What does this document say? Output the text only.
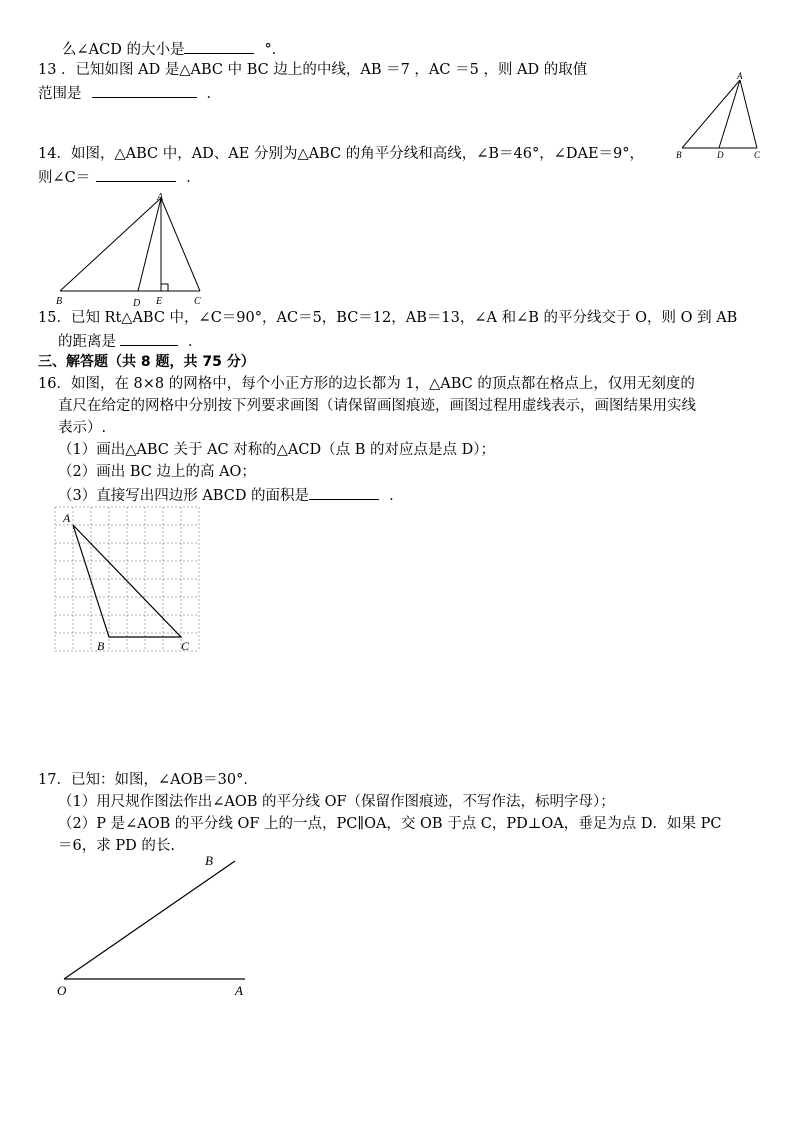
么∠ACD 的大小是	°．
13 ．已知如图 AD 是△ABC 中 BC 边上的中线，AB ＝7 ，AC ＝5 ，则 AD 的取值
范围是	．
A
B	D	C
14．如图，△ABC 中，AD、AE 分别为△ABC 的角平分线和高线，∠B＝46°，∠DAE＝9°，
则∠C＝	．
A
B	D E	C
15．已知 Rt△ABC 中，∠C＝90°，AC＝5，BC＝12，AB＝13，∠A 和∠B 的平分线交于 O，则 O 到 AB
的距离是	．
三、解答题（共 8 题，共 75 分）
16．如图，在 8×8 的网格中，每个小正方形的边长都为 1，△ABC 的顶点都在格点上，仅用无刻度的
直尺在给定的网格中分别按下列要求画图（请保留画图痕迹，画图过程用虚线表示，画图结果用实线
表示）.
（1）画出△ABC 关于 AC 对称的△ACD（点 B 的对应点是点 D）；
（2）画出 BC 边上的高 AO；
（3）直接写出四边形 ABCD 的面积是	．
A
B	C
17．已知：如图，∠AOB＝30°．
（1）用尺规作图法作出∠AOB 的平分线 OF（保留作图痕迹，不写作法，标明字母）；
（2）P 是∠AOB 的平分线 OF 上的一点，PC∥OA，交 OB 于点 C，PD⊥OA，垂足为点 D．如果 PC
＝6，求 PD 的长.
O	A
B
